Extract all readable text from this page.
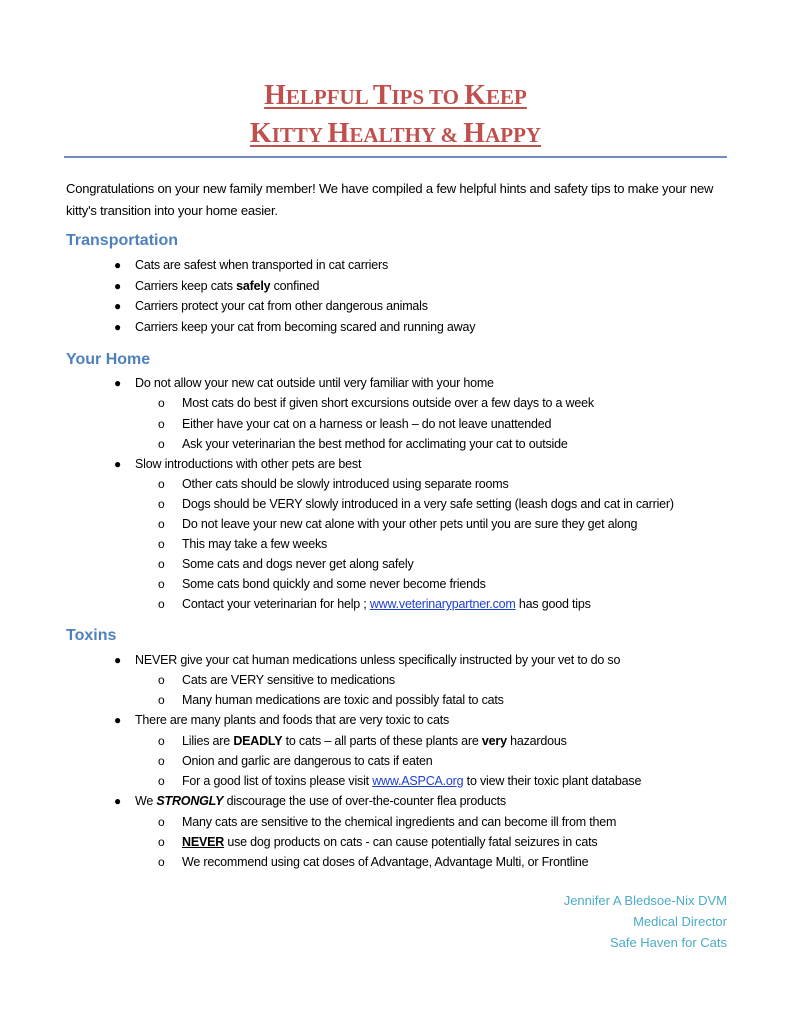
HELPFUL TIPS TO KEEP
KITTY HEALTHY & HAPPY
Congratulations on your new family member! We have compiled a few helpful hints and safety tips to make your new kitty's transition into your home easier.
Transportation
● Cats are safest when transported in cat carriers
● Carriers keep cats safely confined
● Carriers protect your cat from other dangerous animals
● Carriers keep your cat from becoming scared and running away
Your Home
● Do not allow your new cat outside until very familiar with your home
o Most cats do best if given short excursions outside over a few days to a week
o Either have your cat on a harness or leash – do not leave unattended
o Ask your veterinarian the best method for acclimating your cat to outside
● Slow introductions with other pets are best
o Other cats should be slowly introduced using separate rooms
o Dogs should be VERY slowly introduced in a very safe setting (leash dogs and cat in carrier)
o Do not leave your new cat alone with your other pets until you are sure they get along
o This may take a few weeks
o Some cats and dogs never get along safely
o Some cats bond quickly and some never become friends
o Contact your veterinarian for help ; www.veterinarypartner.com has good tips
Toxins
● NEVER give your cat human medications unless specifically instructed by your vet to do so
o Cats are VERY sensitive to medications
o Many human medications are toxic and possibly fatal to cats
● There are many plants and foods that are very toxic to cats
o Lilies are DEADLY to cats – all parts of these plants are very hazardous
o Onion and garlic are dangerous to cats if eaten
o For a good list of toxins please visit www.ASPCA.org to view their toxic plant database
● We STRONGLY discourage the use of over-the-counter flea products
o Many cats are sensitive to the chemical ingredients and can become ill from them
o NEVER use dog products on cats - can cause potentially fatal seizures in cats
o We recommend using cat doses of Advantage, Advantage Multi, or Frontline
Jennifer A Bledsoe-Nix DVM
Medical Director
Safe Haven for Cats
